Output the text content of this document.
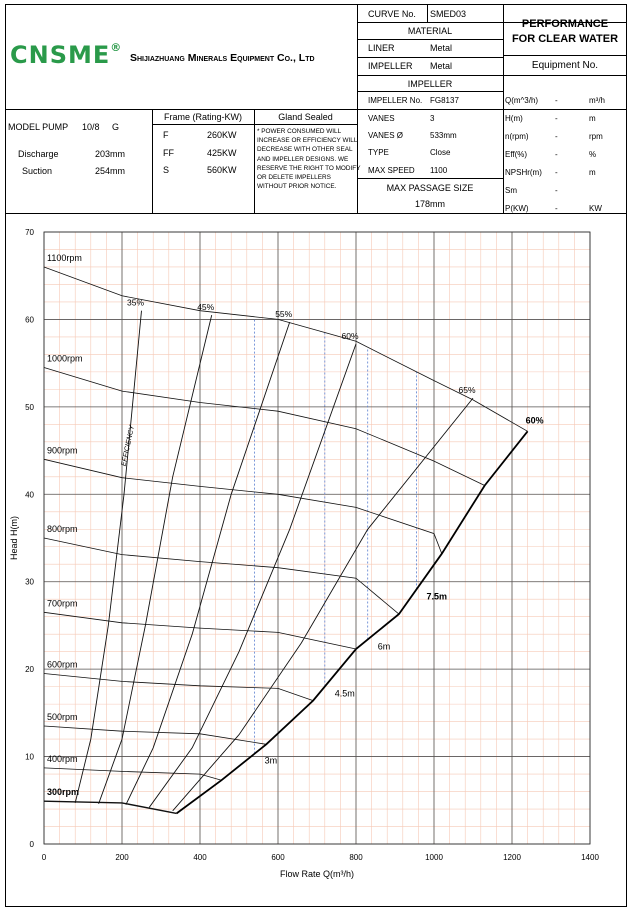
CNSME®
Shijiazhuang Minerals Equipment Co., Ltd
CURVE No. SMED03
MATERIAL
LINER	Metal
IMPELLER Metal
IMPELLER
IMPELLER No. FG8137
VANES	3
VANES Ø	533mm
TYPE	Close
MAX SPEED 1100
MAX PASSAGE SIZE
178mm
PERFORMANCE
FOR CLEAR WATER
Equipment No.
Q(m^3/h) -	m³/h
H(m)	-	m
n(rpm)	-	rpm
Eff(%)	-	%
NPSHr(m) -	m
Sm	-
P(KW)	-	KW
MODEL PUMP 10/8 G
Discharge	203mm
Suction	254mm
Frame (Rating-KW)
F	260KW
FF	425KW
S	560KW
Gland Sealed
* POWER CONSUMED WILL INCREASE OR EFFICIENCY WILL DECREASE WITH OTHER SEAL AND IMPELLER DESIGNS. WE RESERVE THE RIGHT TO MODIFY OR DELETE IMPELLERS WITHOUT PRIOR NOTICE.
0	200	400	600	800	1000	1200	1400
0
10
20
30
40
50
60
70
Flow Rate Q(m³/h)
Head H(m)
3m
4.5m
6m
7.5m
35%	45%
55%
60%
65%
1100rpm
1000rpm
900rpm
800rpm
700rpm
600rpm
500rpm
400rpm
300rpm
EFFICIENCY
60%
